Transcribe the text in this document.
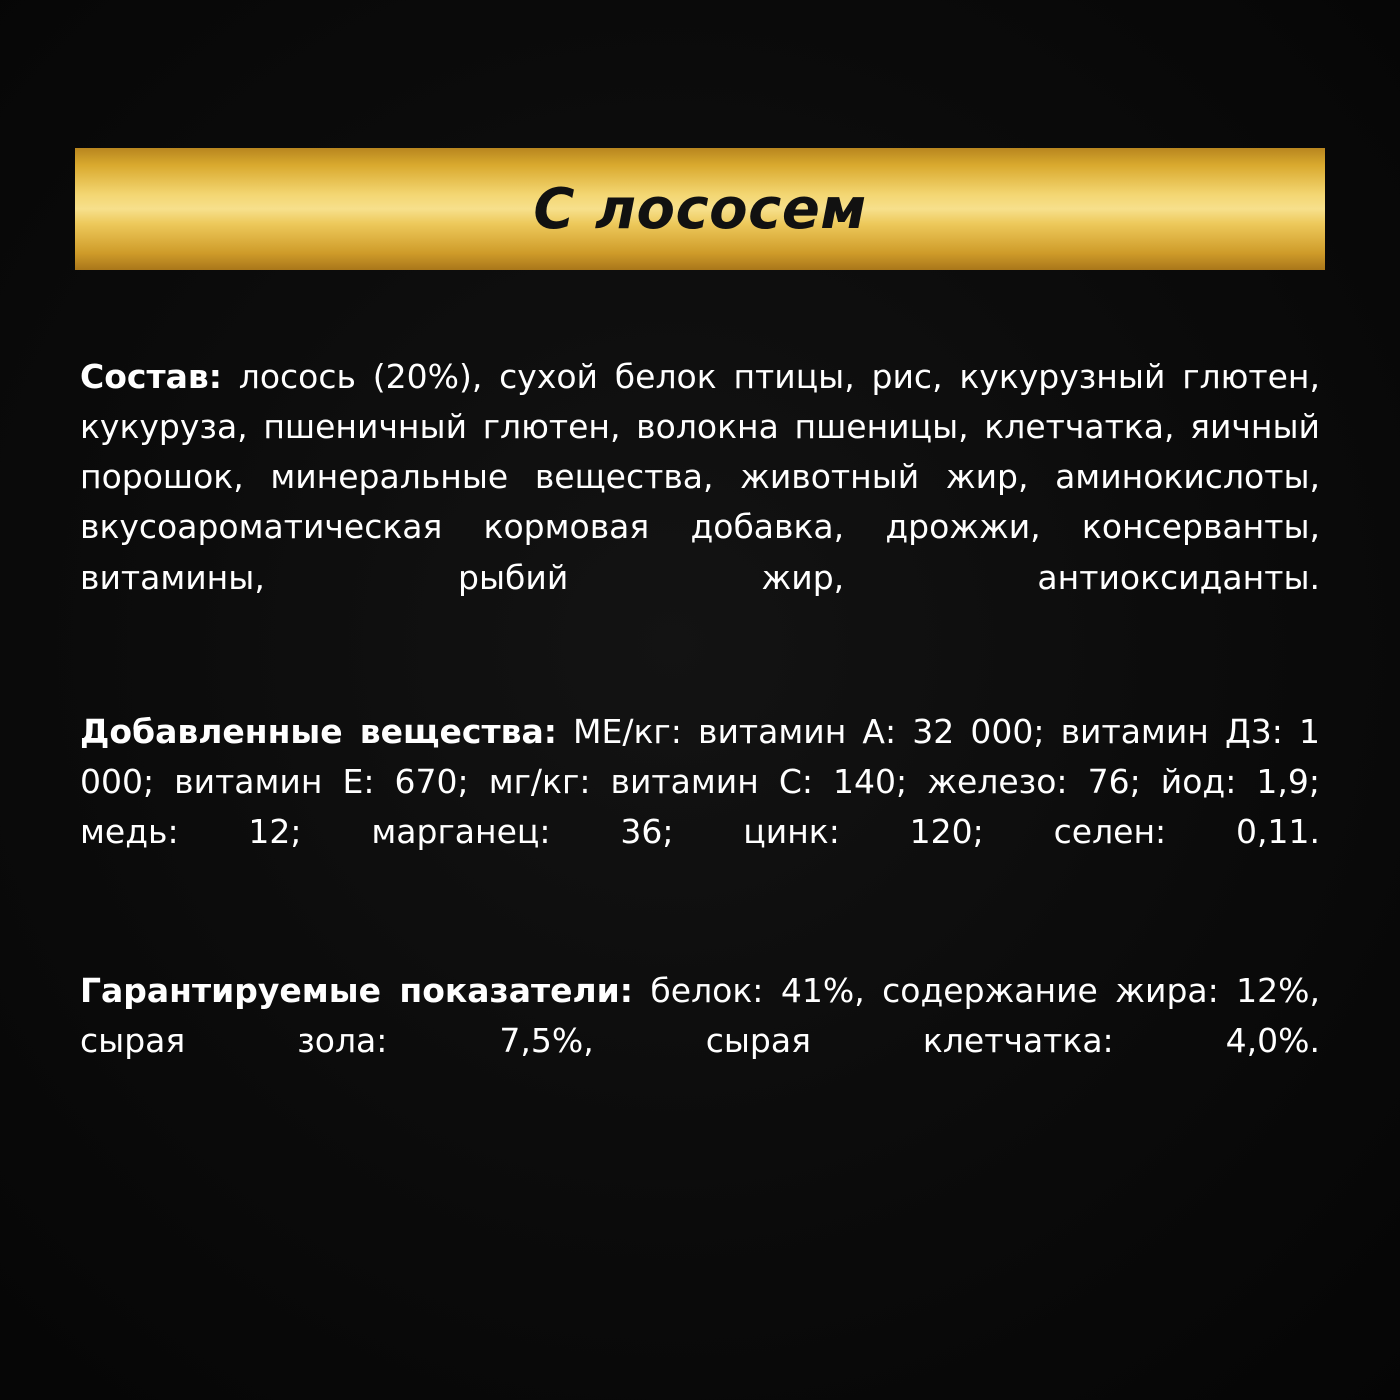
С лососем

Состав: лосось (20%), сухой белок птицы, рис, кукурузный глютен, кукуруза, пшеничный глютен, волокна пшеницы, клетчатка, яичный порошок, минеральные вещества, животный жир, аминокислоты, вкусоароматическая кормовая добавка, дрожжи, консерванты, витамины, рыбий жир, антиоксиданты.

Добавленные вещества: МЕ/кг: витамин А: 32 000; витамин Д3: 1 000; витамин Е: 670; мг/кг: витамин С: 140; железо: 76; йод: 1,9; медь: 12; марганец: 36; цинк: 120; селен: 0,11.

Гарантируемые показатели: белок: 41%, содержание жира: 12%, сырая зола: 7,5%, сырая клетчатка: 4,0%.
